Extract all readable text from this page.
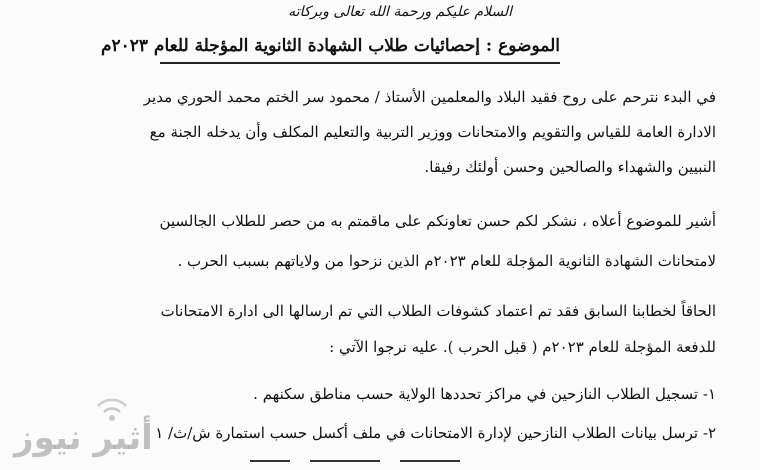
السلام عليكم ورحمة الله تعالى وبركاته
الموضوع : إحصائيات طلاب الشهادة الثانوية المؤجلة للعام ٢٠٢٣م
في البدء نترحم على روح فقيد البلاد والمعلمين الأستاذ / محمود سر الختم محمد الحوري مدير
الادارة العامة للقياس والتقويم والامتحانات ووزير التربية والتعليم المكلف وأن يدخله الجنة مع
النبيين والشهداء والصالحين وحسن أولئك رفيقا.
أشير للموضوع أعلاه ، نشكر لكم حسن تعاونكم على ماقمتم به من حصر للطلاب الجالسين
لامتحانات الشهادة الثانوية المؤجلة للعام ٢٠٢٣م الذين نزحوا من ولاياتهم بسبب الحرب .
الحاقاً لخطابنا السابق فقد تم اعتماد كشوفات الطلاب التي تم ارسالها الى ادارة الامتحانات
للدفعة المؤجلة للعام ٢٠٢٣م ( قبل الحرب ). عليه نرجوا الآتي :
١- تسجيل الطلاب النازحين في مراكز تحددها الولاية حسب مناطق سكنهم .
٢- ترسل بيانات الطلاب النازحين لإدارة الامتحانات في ملف أكسل حسب استمارة ش/ث/ ١
أثير نيوز
